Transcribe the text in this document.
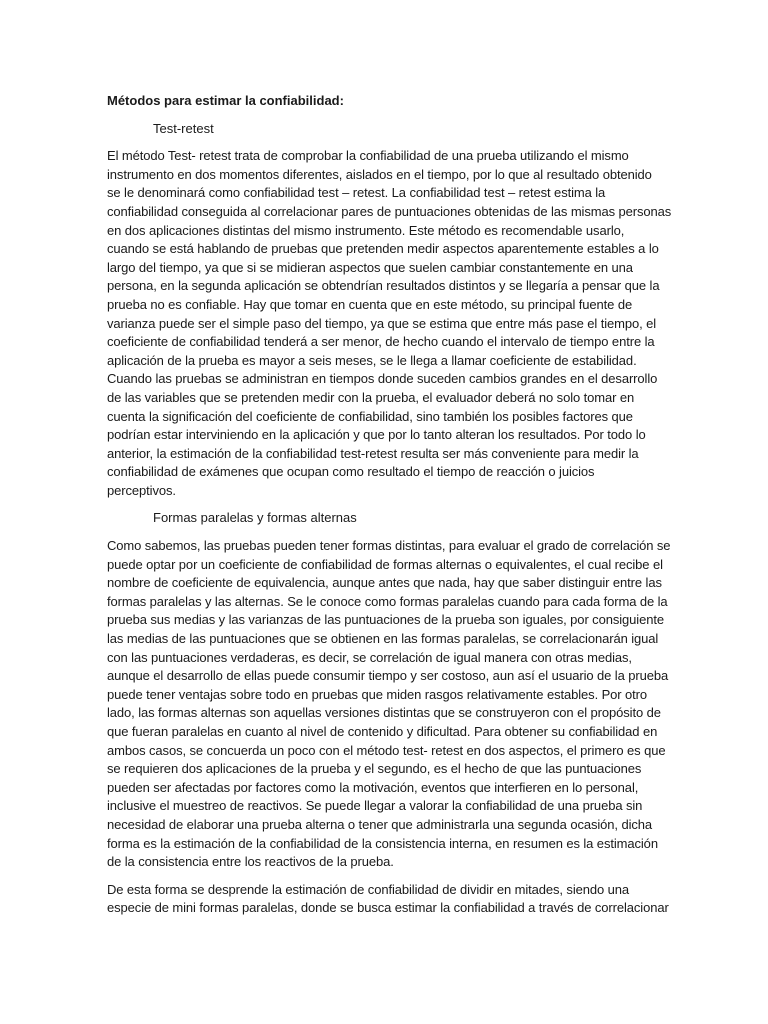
Métodos para estimar la confiabilidad:
Test-retest

El método Test- retest trata de comprobar la confiabilidad de una prueba utilizando el mismo
instrumento en dos momentos diferentes, aislados en el tiempo, por lo que al resultado obtenido
se le denominará como confiabilidad test – retest. La confiabilidad test – retest estima la
confiabilidad conseguida al correlacionar pares de puntuaciones obtenidas de las mismas personas
en dos aplicaciones distintas del mismo instrumento. Este método es recomendable usarlo,
cuando se está hablando de pruebas que pretenden medir aspectos aparentemente estables a lo
largo del tiempo, ya que si se midieran aspectos que suelen cambiar constantemente en una
persona, en la segunda aplicación se obtendrían resultados distintos y se llegaría a pensar que la
prueba no es confiable. Hay que tomar en cuenta que en este método, su principal fuente de
varianza puede ser el simple paso del tiempo, ya que se estima que entre más pase el tiempo, el
coeficiente de confiabilidad tenderá a ser menor, de hecho cuando el intervalo de tiempo entre la
aplicación de la prueba es mayor a seis meses, se le llega a llamar coeficiente de estabilidad.
Cuando las pruebas se administran en tiempos donde suceden cambios grandes en el desarrollo
de las variables que se pretenden medir con la prueba, el evaluador deberá no solo tomar en
cuenta la significación del coeficiente de confiabilidad, sino también los posibles factores que
podrían estar interviniendo en la aplicación y que por lo tanto alteran los resultados. Por todo lo
anterior, la estimación de la confiabilidad test-retest resulta ser más conveniente para medir la
confiabilidad de exámenes que ocupan como resultado el tiempo de reacción o juicios
perceptivos.

Formas paralelas y formas alternas

Como sabemos, las pruebas pueden tener formas distintas, para evaluar el grado de correlación se
puede optar por un coeficiente de confiabilidad de formas alternas o equivalentes, el cual recibe el
nombre de coeficiente de equivalencia, aunque antes que nada, hay que saber distinguir entre las
formas paralelas y las alternas. Se le conoce como formas paralelas cuando para cada forma de la
prueba sus medias y las varianzas de las puntuaciones de la prueba son iguales, por consiguiente
las medias de las puntuaciones que se obtienen en las formas paralelas, se correlacionarán igual
con las puntuaciones verdaderas, es decir, se correlación de igual manera con otras medias,
aunque el desarrollo de ellas puede consumir tiempo y ser costoso, aun así el usuario de la prueba
puede tener ventajas sobre todo en pruebas que miden rasgos relativamente estables. Por otro
lado, las formas alternas son aquellas versiones distintas que se construyeron con el propósito de
que fueran paralelas en cuanto al nivel de contenido y dificultad. Para obtener su confiabilidad en
ambos casos, se concuerda un poco con el método test- retest en dos aspectos, el primero es que
se requieren dos aplicaciones de la prueba y el segundo, es el hecho de que las puntuaciones
pueden ser afectadas por factores como la motivación, eventos que interfieren en lo personal,
inclusive el muestreo de reactivos. Se puede llegar a valorar la confiabilidad de una prueba sin
necesidad de elaborar una prueba alterna o tener que administrarla una segunda ocasión, dicha
forma es la estimación de la confiabilidad de la consistencia interna, en resumen es la estimación
de la consistencia entre los reactivos de la prueba.

De esta forma se desprende la estimación de confiabilidad de dividir en mitades, siendo una
especie de mini formas paralelas, donde se busca estimar la confiabilidad a través de correlacionar
